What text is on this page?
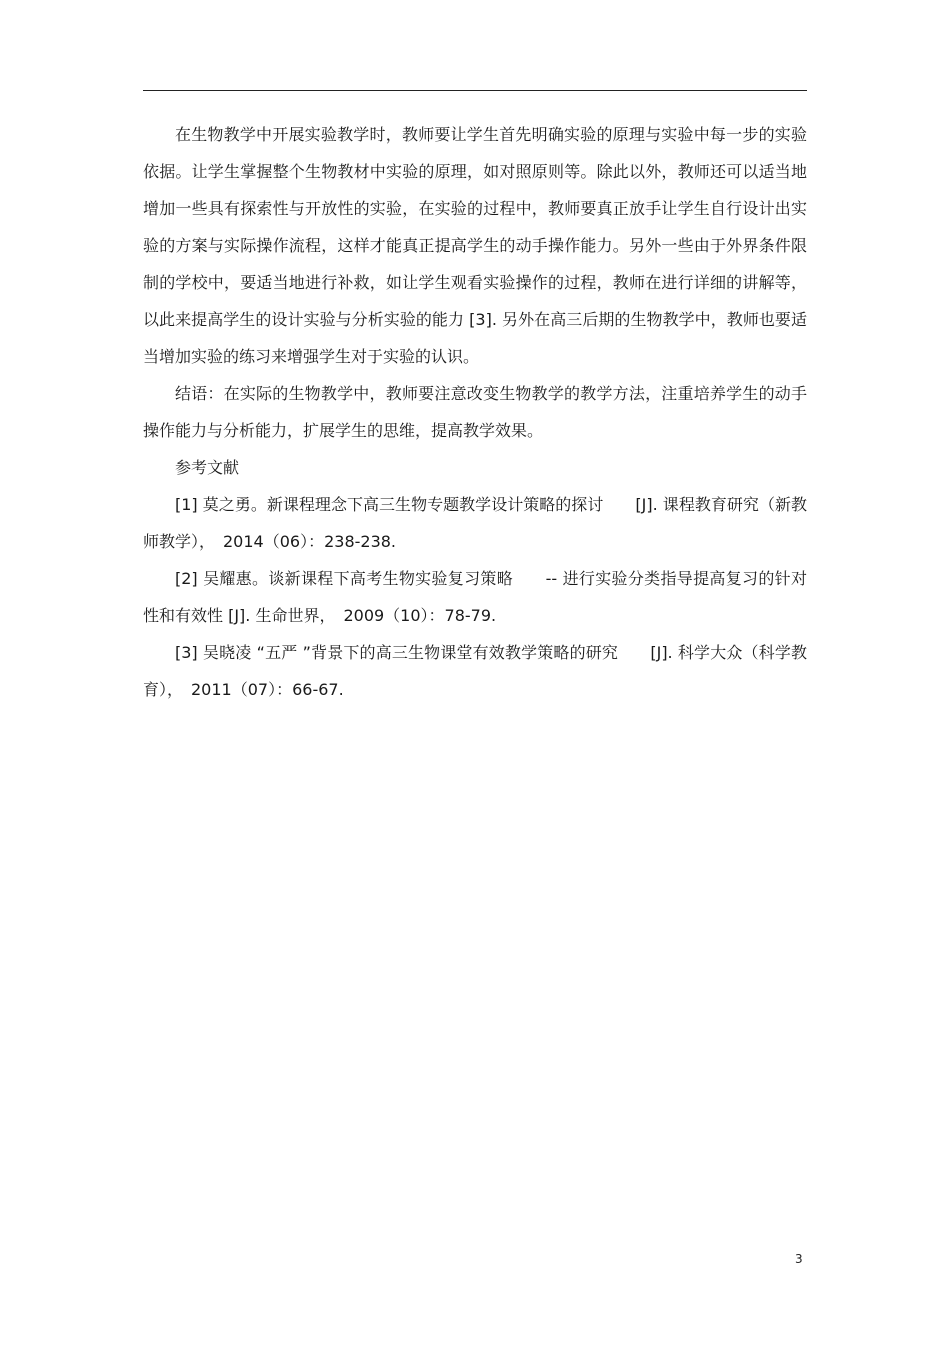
在生物教学中开展实验教学时，教师要让学生首先明确实验的原理与实验中每一步的实验依据。让学生掌握整个生物教材中实验的原理，如对照原则等。除此以外，教师还可以适当地增加一些具有探索性与开放性的实验，在实验的过程中，教师要真正放手让学生自行设计出实验的方案与实际操作流程，这样才能真正提高学生的动手操作能力。另外一些由于外界条件限制的学校中，要适当地进行补救，如让学生观看实验操作的过程，教师在进行详细的讲解等，以此来提高学生的设计实验与分析实验的能力 [3]. 另外在高三后期的生物教学中，教师也要适当增加实验的练习来增强学生对于实验的认识。

结语：在实际的生物教学中，教师要注意改变生物教学的教学方法，注重培养学生的动手操作能力与分析能力，扩展学生的思维，提高教学效果。

参考文献

[1] 莫之勇。新课程理念下高三生物专题教学设计策略的探讨　　[J]. 课程教育研究（新教师教学），　2014（06）：238-238.

[2] 吴耀惠。谈新课程下高考生物实验复习策略　　-- 进行实验分类指导提高复习的针对性和有效性 [J]. 生命世界，　2009（10）：78-79.

[3] 吴晓凌 “五严 ”背景下的高三生物课堂有效教学策略的研究　　[J]. 科学大众（科学教育），　2011（07）：66-67.

3
